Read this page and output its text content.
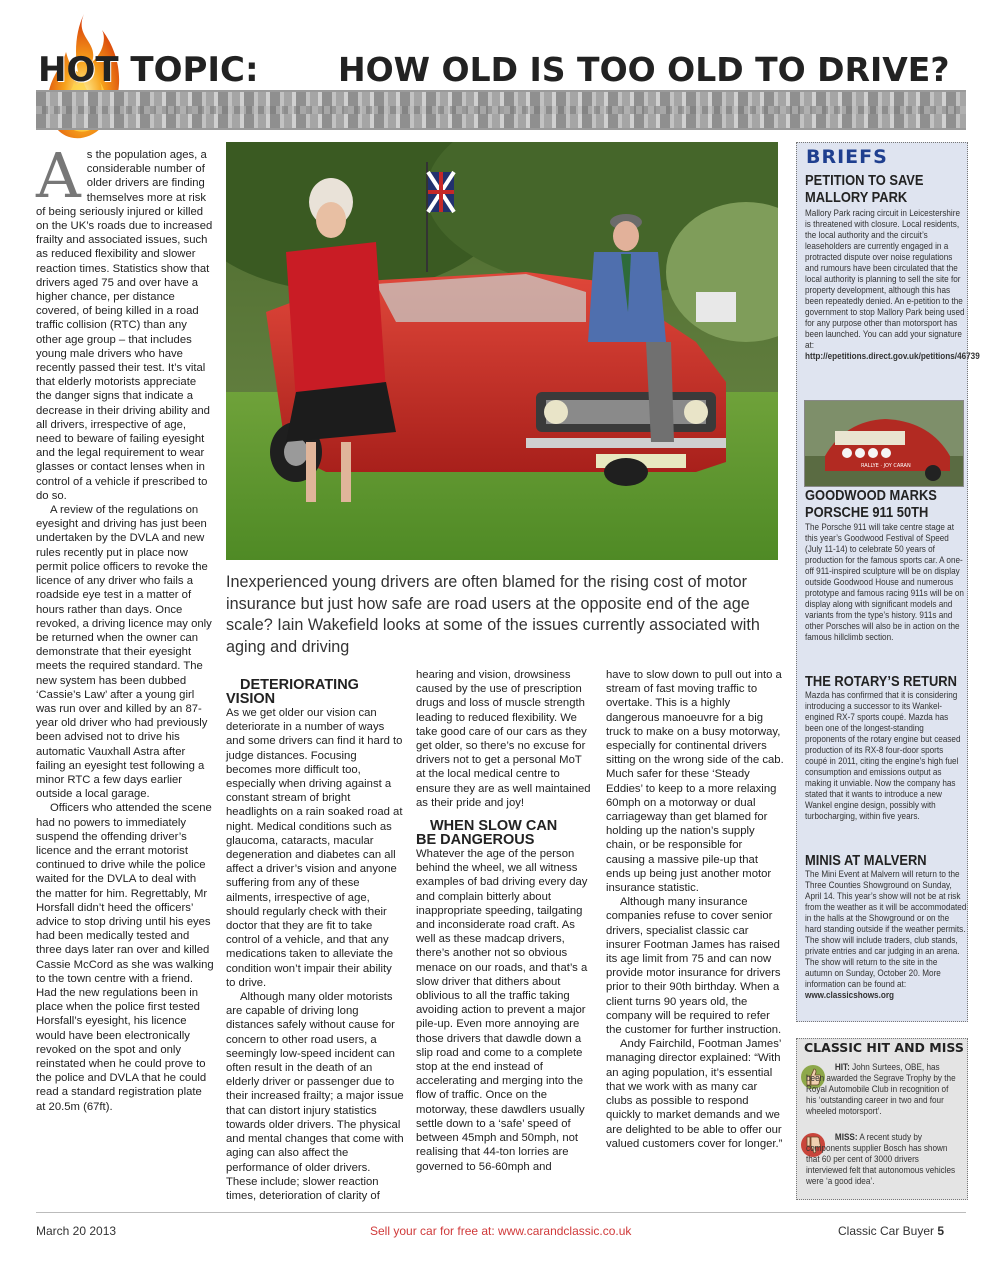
HOT TOPIC: HOW OLD IS TOO OLD TO DRIVE?
A s the population ages, a considerable number of older drivers are finding themselves more at risk of being seriously injured or killed on the UK’s roads due to increased frailty and associated issues, such as reduced flexibility and slower reaction times. Statistics show that drivers aged 75 and over have a higher chance, per distance covered, of being killed in a road traffic collision (RTC) than any other age group – that includes young male drivers who have recently passed their test. It’s vital that elderly motorists appreciate the danger signs that indicate a decrease in their driving ability and all drivers, irrespective of age, need to beware of failing eyesight and the legal requirement to wear glasses or contact lenses when in control of a vehicle if prescribed to do so.

A review of the regulations on eyesight and driving has just been undertaken by the DVLA and new rules recently put in place now permit police officers to revoke the licence of any driver who fails a roadside eye test in a matter of hours rather than days. Once revoked, a driving licence may only be returned when the owner can demonstrate that their eyesight meets the required standard. The new system has been dubbed ‘Cassie’s Law’ after a young girl was run over and killed by an 87-year old driver who had previously been advised not to drive his automatic Vauxhall Astra after failing an eyesight test following a minor RTC a few days earlier outside a local garage.

Officers who attended the scene had no powers to immediately suspend the offending driver’s licence and the errant motorist continued to drive while the police waited for the DVLA to deal with the matter for him. Regrettably, Mr Horsfall didn’t heed the officers’ advice to stop driving until his eyes had been medically tested and three days later ran over and killed Cassie McCord as she was walking to the town centre with a friend. Had the new regulations been in place when the police first tested Horsfall’s eyesight, his licence would have been electronically revoked on the spot and only reinstated when he could prove to the police and DVLA that he could read a standard registration plate at 20.5m (67ft).

Inexperienced young drivers are often blamed for the rising cost of motor insurance but just how safe are road users at the opposite end of the age scale? Iain Wakefield looks at some of the issues currently associated with aging and driving

DETERIORATING VISION

As we get older our vision can deteriorate in a number of ways and some drivers can find it hard to judge distances. Focusing becomes more difficult too, especially when driving against a constant stream of bright headlights on a rain soaked road at night. Medical conditions such as glaucoma, cataracts, macular degeneration and diabetes can all affect a driver’s vision and anyone suffering from any of these ailments, irrespective of age, should regularly check with their doctor that they are fit to take control of a vehicle, and that any medications taken to alleviate the condition won’t impair their ability to drive.

Although many older motorists are capable of driving long distances safely without cause for concern to other road users, a seemingly low-speed incident can often result in the death of an elderly driver or passenger due to their increased frailty; a major issue that can distort injury statistics towards older drivers. The physical and mental changes that come with aging can also affect the performance of older drivers. These include; slower reaction times, deterioration of clarity of

hearing and vision, drowsiness caused by the use of prescription drugs and loss of muscle strength leading to reduced flexibility. We take good care of our cars as they get older, so there’s no excuse for drivers not to get a personal MoT at the local medical centre to ensure they are as well maintained as their pride and joy!

WHEN SLOW CAN BE DANGEROUS

Whatever the age of the person behind the wheel, we all witness examples of bad driving every day and complain bitterly about inappropriate speeding, tailgating and inconsiderate road craft. As well as these madcap drivers, there’s another not so obvious menace on our roads, and that’s a slow driver that dithers about oblivious to all the traffic taking avoiding action to prevent a major pile-up. Even more annoying are those drivers that dawdle down a slip road and come to a complete stop at the end instead of accelerating and merging into the flow of traffic. Once on the motorway, these dawdlers usually settle down to a ‘safe’ speed of between 45mph and 50mph, not realising that 44-ton lorries are governed to 56-60mph and

have to slow down to pull out into a stream of fast moving traffic to overtake. This is a highly dangerous manoeuvre for a big truck to make on a busy motorway, especially for continental drivers sitting on the wrong side of the cab. Much safer for these ‘Steady Eddies’ to keep to a more relaxing 60mph on a motorway or dual carriageway than get blamed for holding up the nation’s supply chain, or be responsible for causing a massive pile-up that ends up being just another motor insurance statistic.

Although many insurance companies refuse to cover senior drivers, specialist classic car insurer Footman James has raised its age limit from 75 and can now provide motor insurance for drivers prior to their 90th birthday. When a client turns 90 years old, the company will be required to refer the customer for further instruction.

Andy Fairchild, Footman James’ managing director explained: “With an aging population, it’s essential that we work with as many car clubs as possible to respond quickly to market demands and we are delighted to be able to offer our valued customers cover for longer.”

BRIEFS
PETITION TO SAVE MALLORY PARK
Mallory Park racing circuit in Leicestershire is threatened with closure. Local residents, the local authority and the circuit’s leaseholders are currently engaged in a protracted dispute over noise regulations and rumours have been circulated that the local authority is planning to sell the site for property development, although this has been repeatedly denied. An e-petition to the government to stop Mallory Park being used for any purpose other than motorsport has been launched. You can add your signature at: http://epetitions.direct.gov.uk/petitions/46739
RALLYE · JOY CARAN
GOODWOOD MARKS PORSCHE 911 50TH
The Porsche 911 will take centre stage at this year’s Goodwood Festival of Speed (July 11-14) to celebrate 50 years of production for the famous sports car. A one-off 911-inspired sculpture will be on display outside Goodwood House and numerous prototype and famous racing 911s will be on display along with significant models and variants from the type’s history. 911s and other Porsches will also be in action on the famous hillclimb section.
THE ROTARY’S RETURN
Mazda has confirmed that it is considering introducing a successor to its Wankel-engined RX-7 sports coupé. Mazda has been one of the longest-standing proponents of the rotary engine but ceased production of its RX-8 four-door sports coupé in 2011, citing the engine’s high fuel consumption and emissions output as making it unviable. Now the company has stated that it wants to introduce a new Wankel engine design, possibly with turbocharging, within five years.
MINIS AT MALVERN
The Mini Event at Malvern will return to the Three Counties Showground on Sunday, April 14. This year’s show will not be at risk from the weather as it will be accommodated in the halls at the Showground or on the hard standing outside if the weather permits. The show will include traders, club stands, private entries and car judging in an arena. The show will return to the site in the autumn on Sunday, October 20. More information can be found at: www.classicshows.org
CLASSIC HIT AND MISS
HIT: John Surtees, OBE, has been awarded the Segrave Trophy by the Royal Automobile Club in recognition of his ‘outstanding career in two and four wheeled motorsport’.
MISS: A recent study by components supplier Bosch has shown that 60 per cent of 3000 drivers interviewed felt that autonomous vehicles were ‘a good idea’.
March 20 2013	Sell your car for free at: www.carandclassic.co.uk	Classic Car Buyer 5
